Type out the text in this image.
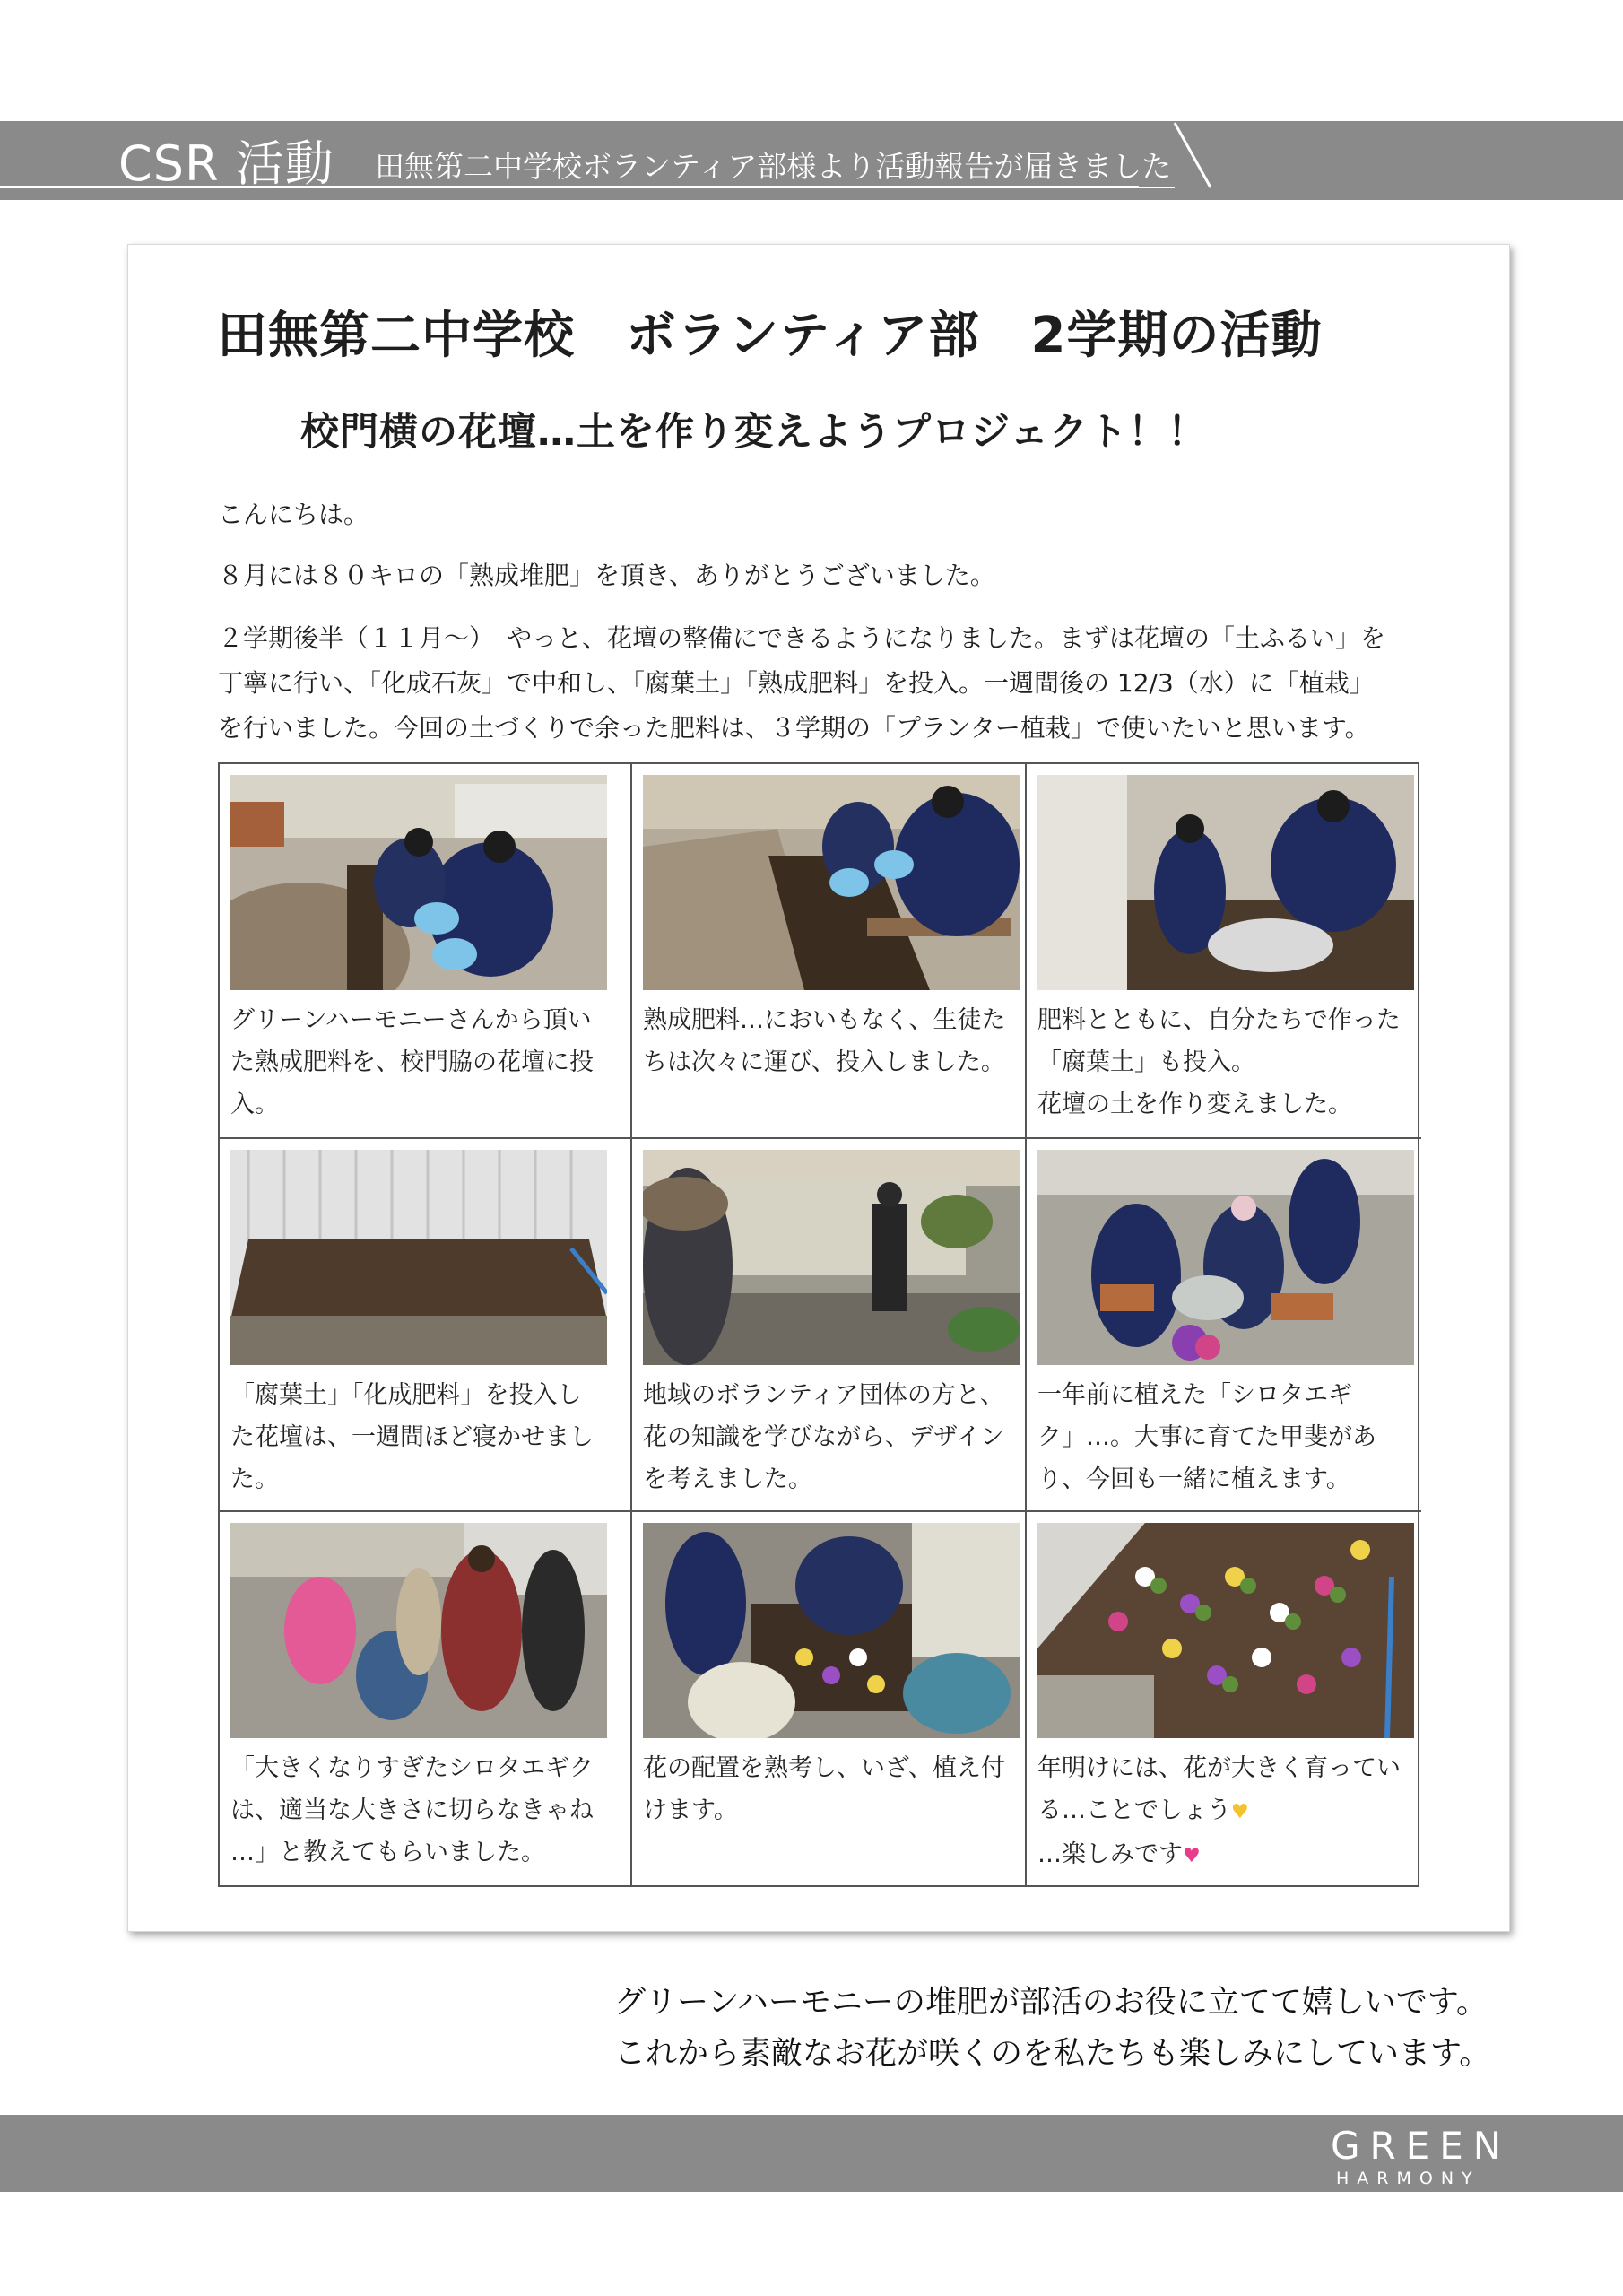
CSR 活動 田無第二中学校ボランティア部様より活動報告が届きました
田無第二中学校　ボランティア部　2学期の活動
校門横の花壇…土を作り変えようプロジェクト！！
こんにちは。
８月には８０キロの「熟成堆肥」を頂き、ありがとうございました。
２学期後半（１１月～）　やっと、花壇の整備にできるようになりました。まずは花壇の「土ふるい」を
丁寧に行い、「化成石灰」で中和し、「腐葉土」「熟成肥料」を投入。一週間後の 12/3（水）に「植栽」
を行いました。今回の土づくりで余った肥料は、３学期の「プランター植栽」で使いたいと思います。
グリーンハーモニーさんから頂い
た熟成肥料を、校門脇の花壇に投
入。
熟成肥料…においもなく、生徒た
ちは次々に運び、投入しました。
肥料とともに、自分たちで作った
「腐葉土」も投入。
花壇の土を作り変えました。
「腐葉土」「化成肥料」を投入し
た花壇は、一週間ほど寝かせまし
た。
地域のボランティア団体の方と、
花の知識を学びながら、デザイン
を考えました。
一年前に植えた「シロタエギ
ク」…。大事に育てた甲斐があ
り、今回も一緒に植えます。
「大きくなりすぎたシロタエギク
は、適当な大きさに切らなきゃね
…」と教えてもらいました。
花の配置を熟考し、いざ、植え付
けます。
年明けには、花が大きく育ってい
る…ことでしょう♥
…楽しみです♥
グリーンハーモニーの堆肥が部活のお役に立てて嬉しいです。
これから素敵なお花が咲くのを私たちも楽しみにしています。
GREEN
HARMONY
